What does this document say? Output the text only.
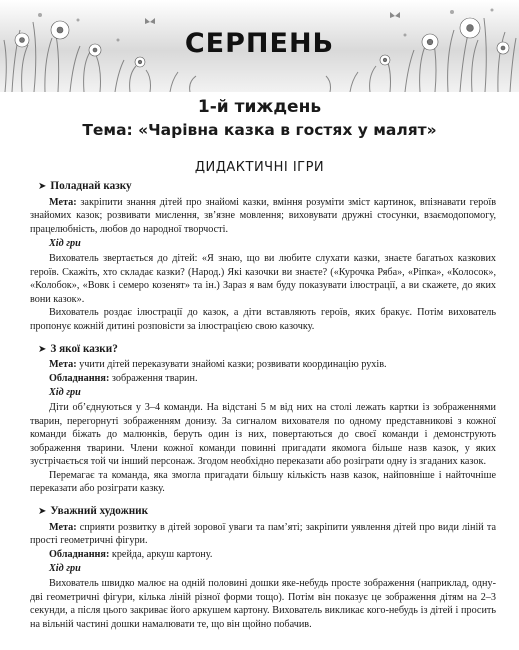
СЕРПЕНЬ
1-й тиждень
Тема: «Чарівна казка в гостях у малят»
ДИДАКТИЧНІ ІГРИ
➤ Поладнай казку

Мета: закріпити знання дітей про знайомі казки, вміння розуміти зміст картинок, впізнавати героїв знайомих казок; розвивати мислення, зв’язне мовлення; виховувати дружні стосунки, взаємодопомогу, працелюбність, любов до народної творчості.

Хід гри

Вихователь звертається до дітей: «Я знаю, що ви любите слухати казки, знаєте багатьох казкових героїв. Скажіть, хто складає казки? (Народ.) Які казочки ви знаєте? («Курочка Ряба», «Ріпка», «Колосок», «Колобок», «Вовк і семеро козенят» та ін.) Зараз я вам буду показувати ілюстрації, а ви скажете, до яких вони казок».

Вихователь роздає ілюстрації до казок, а діти вставляють героїв, яких бракує. Потім вихователь пропонує кожній дитині розповісти за ілюстрацією свою казочку.

➤ З якої казки?

Мета: учити дітей переказувати знайомі казки; розвивати координацію рухів.

Обладнання: зображення тварин.

Хід гри

Діти об’єднуються у 3–4 команди. На відстані 5 м від них на столі лежать картки із зображеннями тварин, перегорнуті зображенням донизу. За сигналом вихователя по одному представникові з кожної команди біжать до малюнків, беруть один із них, повертаються до своєї команди і демонструють зображення тварини. Члени кожної команди повинні пригадати якомога більше назв казок, у яких зустрічається той чи інший персонаж. Згодом необхідно переказати або розіграти одну із згаданих казок.

Перемагає та команда, яка змогла пригадати більшу кількість назв казок, найповніше і найточніше переказати або розіграти казку.

➤ Уважний художник

Мета: сприяти розвитку в дітей зорової уваги та пам’яті; закріпити уявлення дітей про види ліній та прості геометричні фігури.

Обладнання: крейда, аркуш картону.

Хід гри

Вихователь швидко малює на одній половині дошки яке-небудь просте зображення (наприклад, одну-дві геометричні фігури, кілька ліній різної форми тощо). Потім він показує це зображення дітям на 2–3 секунди, а після цього закриває його аркушем картону. Вихователь викликає кого-небудь із дітей і просить на вільній частині дошки намалювати те, що він щойно побачив.
